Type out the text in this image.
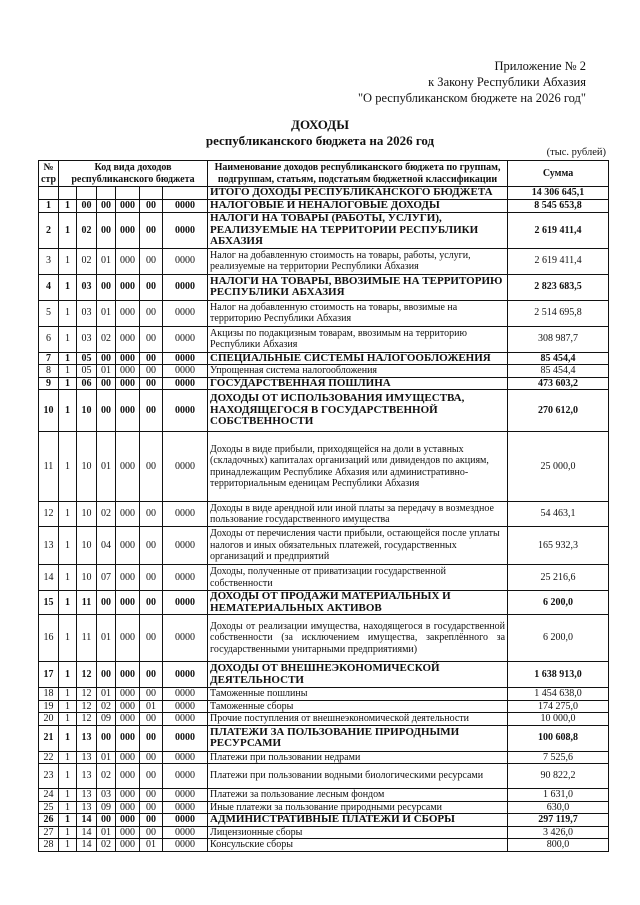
Приложение № 2
к Закону Республики Абхазия
"О республиканском бюджете на 2026 год"
ДОХОДЫ
республиканского бюджета на 2026 год
(тыс. рублей)
№ стр	Код вида доходов республиканского бюджета						Наименование доходов республиканского бюджета по группам, подгруппам, статьям, подстатьям бюджетной классификации	Сумма
							ИТОГО ДОХОДЫ РЕСПУБЛИКАНСКОГО БЮДЖЕТА	14 306 645,1
1	1	00	00	000	00	0000	НАЛОГОВЫЕ И НЕНАЛОГОВЫЕ ДОХОДЫ	8 545 653,8
2	1	02	00	000	00	0000	НАЛОГИ НА ТОВАРЫ (РАБОТЫ, УСЛУГИ), РЕАЛИЗУЕМЫЕ НА ТЕРРИТОРИИ РЕСПУБЛИКИ АБХАЗИЯ	2 619 411,4
3	1	02	01	000	00	0000	Налог на добавленную стоимость на товары, работы, услуги, реализуемые на территории Республики Абхазия	2 619 411,4
4	1	03	00	000	00	0000	НАЛОГИ НА ТОВАРЫ, ВВОЗИМЫЕ НА ТЕРРИТОРИЮ РЕСПУБЛИКИ АБХАЗИЯ	2 823 683,5
5	1	03	01	000	00	0000	Налог на добавленную стоимость на товары, ввозимые на территорию Республики Абхазия	2 514 695,8
6	1	03	02	000	00	0000	Акцизы по подакцизным товарам, ввозимым на территорию Республики Абхазия	308 987,7
7	1	05	00	000	00	0000	СПЕЦИАЛЬНЫЕ СИСТЕМЫ НАЛОГООБЛОЖЕНИЯ	85 454,4
8	1	05	01	000	00	0000	Упрощенная система налогообложения	85 454,4
9	1	06	00	000	00	0000	ГОСУДАРСТВЕННАЯ ПОШЛИНА	473 603,2
10	1	10	00	000	00	0000	ДОХОДЫ ОТ ИСПОЛЬЗОВАНИЯ ИМУЩЕСТВА, НАХОДЯЩЕГОСЯ В ГОСУДАРСТВЕННОЙ СОБСТВЕННОСТИ	270 612,0
11	1	10	01	000	00	0000	Доходы в виде прибыли, приходящейся на доли в уставных (складочных) капиталах организаций или дивидендов по акциям, принадлежащим Республике Абхазия или административно-территориальным еденицам Республики Абхазия	25 000,0
12	1	10	02	000	00	0000	Доходы в виде арендной или иной платы за передачу в возмездное пользование государственного имущества	54 463,1
13	1	10	04	000	00	0000	Доходы от перечисления части прибыли, остающейся после уплаты налогов и иных обязательных платежей, государственных организаций и предприятий	165 932,3
14	1	10	07	000	00	0000	Доходы, полученные от приватизации государственной собственности	25 216,6
15	1	11	00	000	00	0000	ДОХОДЫ ОТ ПРОДАЖИ МАТЕРИАЛЬНЫХ И НЕМАТЕРИАЛЬНЫХ АКТИВОВ	6 200,0
16	1	11	01	000	00	0000	Доходы от реализации имущества, находящегося в государственной собственности (за исключением имущества, закреплённого за государственными унитарными предприятиями)	6 200,0
17	1	12	00	000	00	0000	ДОХОДЫ ОТ ВНЕШНЕЭКОНОМИЧЕСКОЙ ДЕЯТЕЛЬНОСТИ	1 638 913,0
18	1	12	01	000	00	0000	Таможенные пошлины	1 454 638,0
19	1	12	02	000	01	0000	Таможенные сборы	174 275,0
20	1	12	09	000	00	0000	Прочие поступления от внешнеэкономической деятельности	10 000,0
21	1	13	00	000	00	0000	ПЛАТЕЖИ ЗА ПОЛЬЗОВАНИЕ ПРИРОДНЫМИ РЕСУРСАМИ	100 608,8
22	1	13	01	000	00	0000	Платежи при пользовании недрами	7 525,6
23	1	13	02	000	00	0000	Платежи при пользовании водными биологическими ресурсами	90 822,2
24	1	13	03	000	00	0000	Платежи за пользование лесным фондом	1 631,0
25	1	13	09	000	00	0000	Иные платежи за пользование природными ресурсами	630,0
26	1	14	00	000	00	0000	АДМИНИСТРАТИВНЫЕ ПЛАТЕЖИ И СБОРЫ	297 119,7
27	1	14	01	000	00	0000	Лицензионные сборы	3 426,0
28	1	14	02	000	01	0000	Консульские сборы	800,0
